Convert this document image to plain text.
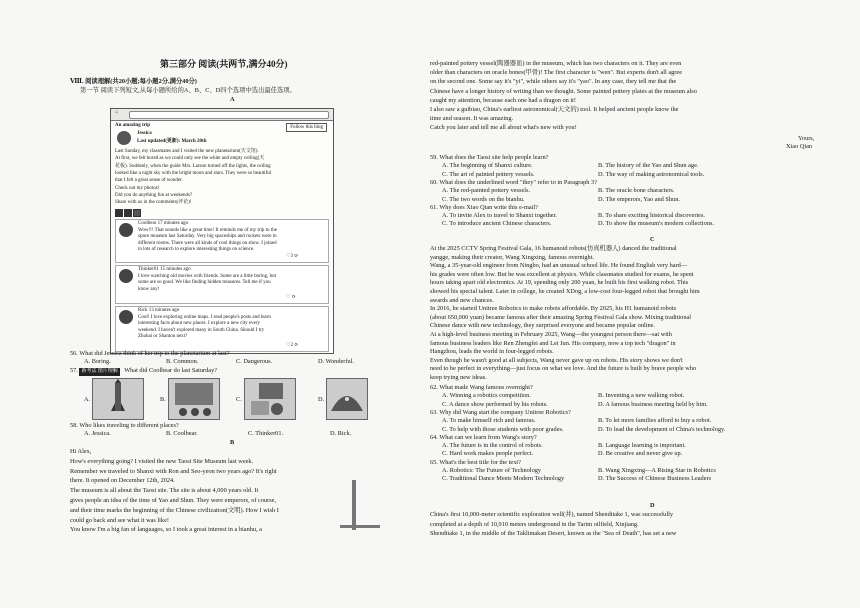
第三部分 阅读(共两节,满分40分)
Ⅷ. 阅读理解(共20小题;每小题2分,满分40分)
第一节 阅读下列短文,从每小题所给的A、B、C、D四个选项中选出最佳选项。
A
⌂
An amazing trip	Follow this blog
Jessica
Last updated(更新): March 20th
Last Sunday, my classmates and I visited the new planetarium(天文馆).
At first, we felt bored as we could only see the white and empty ceiling(天
花板). Suddenly, when the guide Mrs. Larson turned off the lights, the ceiling
looked like a night sky with the bright moon and stars. They were so beautiful
that I felt a great sense of wonder.
Check out my photos!
Did you do anything fun at weekends?
Share with us in the comments(评论)!
Coolbear 17 minutes ago
Wow!!! That sounds like a great time! It reminds me of my trip to the
space museum last Saturday. Very big spaceships and rockets were in
different rooms. There were all kinds of cool things on show. I joined
in lots of research to explore interesting things on science.
♡3 ⟳
Thinker01 15 minutes ago
I love watching old movies with friends. Some are a little boring, but
some are so good. We like finding hidden treasures. Tell me if you
know any!
♡ ⟳
Rick 13 minutes ago
Cool! I love exploring online maps. I read people's posts and learn
interesting facts about new places. I explore a new city every
weekend. I haven't explored many in South China. Should I try
Zhuhai or Shantou next?
♡2 ⟳
56. What did Jessica think of her trip to the planetarium at last?
A. Boring.	B. Common.	C. Dangerous.	D. Wonderful.
57. 新考法 图片理解 What did Coolbear do last Saturday?
A.	B.	C.	D.
58. Who likes traveling to different places?
A. Jessica.	B. Coolbear.	C. Thinker01.	D. Rick.
B
Hi Alex,
How's everything going? I visited the new Taosi Site Museum last week.
Remember we traveled to Shanxi with Ron and Seo-yeon two years ago? It's right
there. It opened on December 12th, 2024.
The museum is all about the Taosi site. The site is about 4,000 years old. It
gives people an idea of the time of Yao and Shun. They were emperors, of course,
and their time marks the beginning of the Chinese civilization(文明). How I wish I
could go back and see what it was like!
You know I'm a big fan of languages, so I took a great interest in a bianhu, a
red-painted pottery vessel(陶器器皿) in the museum, which has two characters on it. They are even
older than characters on oracle bones(甲骨)! The first character is "wen". But experts don't all agree
on the second one. Some say it's "yi", while others say it's "yao". In any case, they tell me that the
Chinese have a longer history of writing than we thought. Some painted pottery plates at the museum also
caught my attention, because each one had a dragon on it!
I also saw a guibiao, China's earliest astronomical(天文的) tool. It helped ancient people know the
time and season. It was amazing.
Catch you later and tell me all about what's new with you!
Yours,
Xiao Qian
59. What does the Taosi site help people learn?
A. The beginning of Shanxi culture.	B. The history of the Yao and Shun age.
C. The art of painted pottery vessels.	D. The way of making astronomical tools.
60. What does the underlined word "they" refer to in Paragraph 3?
A. The red-painted pottery vessels.	B. The oracle bone characters.
C. The two words on the bianhu.	D. The emperors, Yao and Shun.
61. Why does Xiao Qian write this e-mail?
A. To invite Alex to travel to Shanxi together.	B. To share exciting historical discoveries.
C. To introduce ancient Chinese characters.	D. To show the museum's modern collections.
C
At the 2025 CCTV Spring Festival Gala, 16 humanoid robots(仿真机器人) danced the traditional
yangge, making their creator, Wang Xingxing, famous overnight.
Wang, a 35-year-old engineer from Ningbo, had an unusual school life. He found English very hard—
his grades were often low. But he was excellent at physics. While classmates studied for exams, he spent
hours taking apart old electronics. At 19, spending only 200 yuan, he built his first walking robot. This
showed his special talent. Later in college, he created XDog, a low-cost four-legged robot that brought him
awards and new chances.
In 2016, he started Unitree Robotics to make robots affordable. By 2025, his H1 humanoid robots
(about 650,000 yuan) became famous after their amazing Spring Festival Gala show. Mixing traditional
Chinese dance with new technology, they surprised everyone and became popular online.
At a high-level business meeting in February 2025, Wang—the youngest person there—sat with
famous business leaders like Ren Zhengfei and Lei Jun. His company, now a top tech "dragon" in
Hangzhou, leads the world in four-legged robots.
Even though he wasn't good at all subjects, Wang never gave up on robots. His story shows we don't
need to be perfect in everything—just focus on what we love. And the future is built by brave people who
keep trying new ideas.
62. What made Wang famous overnight?
A. Winning a robotics competition.	B. Inventing a new walking robot.
C. A dance show performed by his robots.	D. A famous business meeting held by him.
63. Why did Wang start the company Unitree Robotics?
A. To make himself rich and famous.	B. To let more families afford to buy a robot.
C. To help with those students with poor grades.	D. To lead the development of China's technology.
64. What can we learn from Wang's story?
A. The future is in the control of robots.	B. Language learning is important.
C. Hard work makes people perfect.	D. Be creative and never give up.
65. What's the best title for the text?
A. Robotics: The Future of Technology	B. Wang Xingxing—A Rising Star in Robotics
C. Traditional Dance Meets Modern Technology	D. The Success of Chinese Business Leaders
D
China's first 10,000-meter scientific exploration well(井), named Shenditake 1, was successfully
completed at a depth of 10,910 meters underground in the Tarim oilfield, Xinjiang.
Shenditake 1, in the middle of the Taklimakan Desert, known as the "Sea of Death", has set a new
